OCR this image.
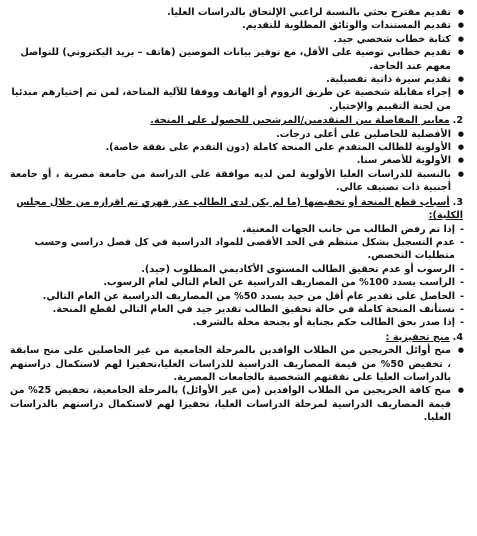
● تقديم مقترح بحثي بالنسبة لراغبي الإلتحاق بالدراسات العليا.
● تقديم المستندات والوثائق المطلوبة للتقديم.
● كتابة خطاب شخصي جيد.
● تقديم خطابي توصية على الأقل، مع توفير بيانات الموصين (هاتف – بريد اليكتروني) للتواصل معهم عند الحاجة.
● تقديم سيرة ذاتية تفصيلية.
● إجراء مقابلة شخصية عن طريق الزووم أو الهاتف ووفقا للآلية المتاحة، لمن تم إختيارهم مبدئيا من لجنة التقييم والإختيار.
2.معايير المفاضلة بين المتقدمين/المرشحين للحصول على المنحة.
● الأفضلية للحاصلين على أعلى درجات.
● الأولوية للطالب المتقدم على المنحة كاملة (دون التقدم على نفقة خاصة).
● الأولوية للأصغر سنا.
● بالنسبة للدراسات العليا الأولوية لمن لديه موافقة على الدراسة من جامعة مصرية ، أو جامعة أجنبية ذات تصنيف عالي.
3.أسباب قطع المنحة أو تخفيضها (ما لم يكن لدى الطالب عذر قهري تم اقراره من خلال مجلس الكلية):
- إذا تم رفض الطالب من جانب الجهات المعنية.
- عدم التسجيل بشكل منتظم في الحد الأقصى للمواد الدراسية في كل فصل دراسي وحسب متطلبات التخصص.
- الرسوب أو عدم تحقيق الطالب المستوى الأكاديمي المطلوب (جيد).
- الراسب يسدد 100% من المصاريف الدراسية عن العام التالي لعام الرسوب.
- الحاصل على تقدير عام أقل من جيد يسدد 50% من المصاريف الدراسية عن العام التالي.
- تستأنف المنحة كاملة في حالة تحقيق الطالب تقدير جيد في العام التالي لقطع المنحة.
- إذا صدر بحق الطالب حكم بجناية أو بجنحة مخلة بالشرف.
4.منح تحفيزية :
● منح أوائل الخريجين من الطلاب الوافدين بالمرحلة الجامعية من غير الحاصلين على منح سابقة ، تخفيض 50% من قيمة المصاريف الدراسية للدراسات العليا،تحفيزا لهم لاستكمال دراستهم بالدراسات العليا على نفقتهم الشخصية بالجامعات المصرية.
● منح كافة الخريجين من الطلاب الوافدين (من غير الأوائل) بالمرحلة الجامعية، تخفيض 25% من قيمة المصاريف الدراسية لمرحلة الدراسات العليا، تحفيزا لهم لاستكمال دراستهم بالدراسات العليا.
